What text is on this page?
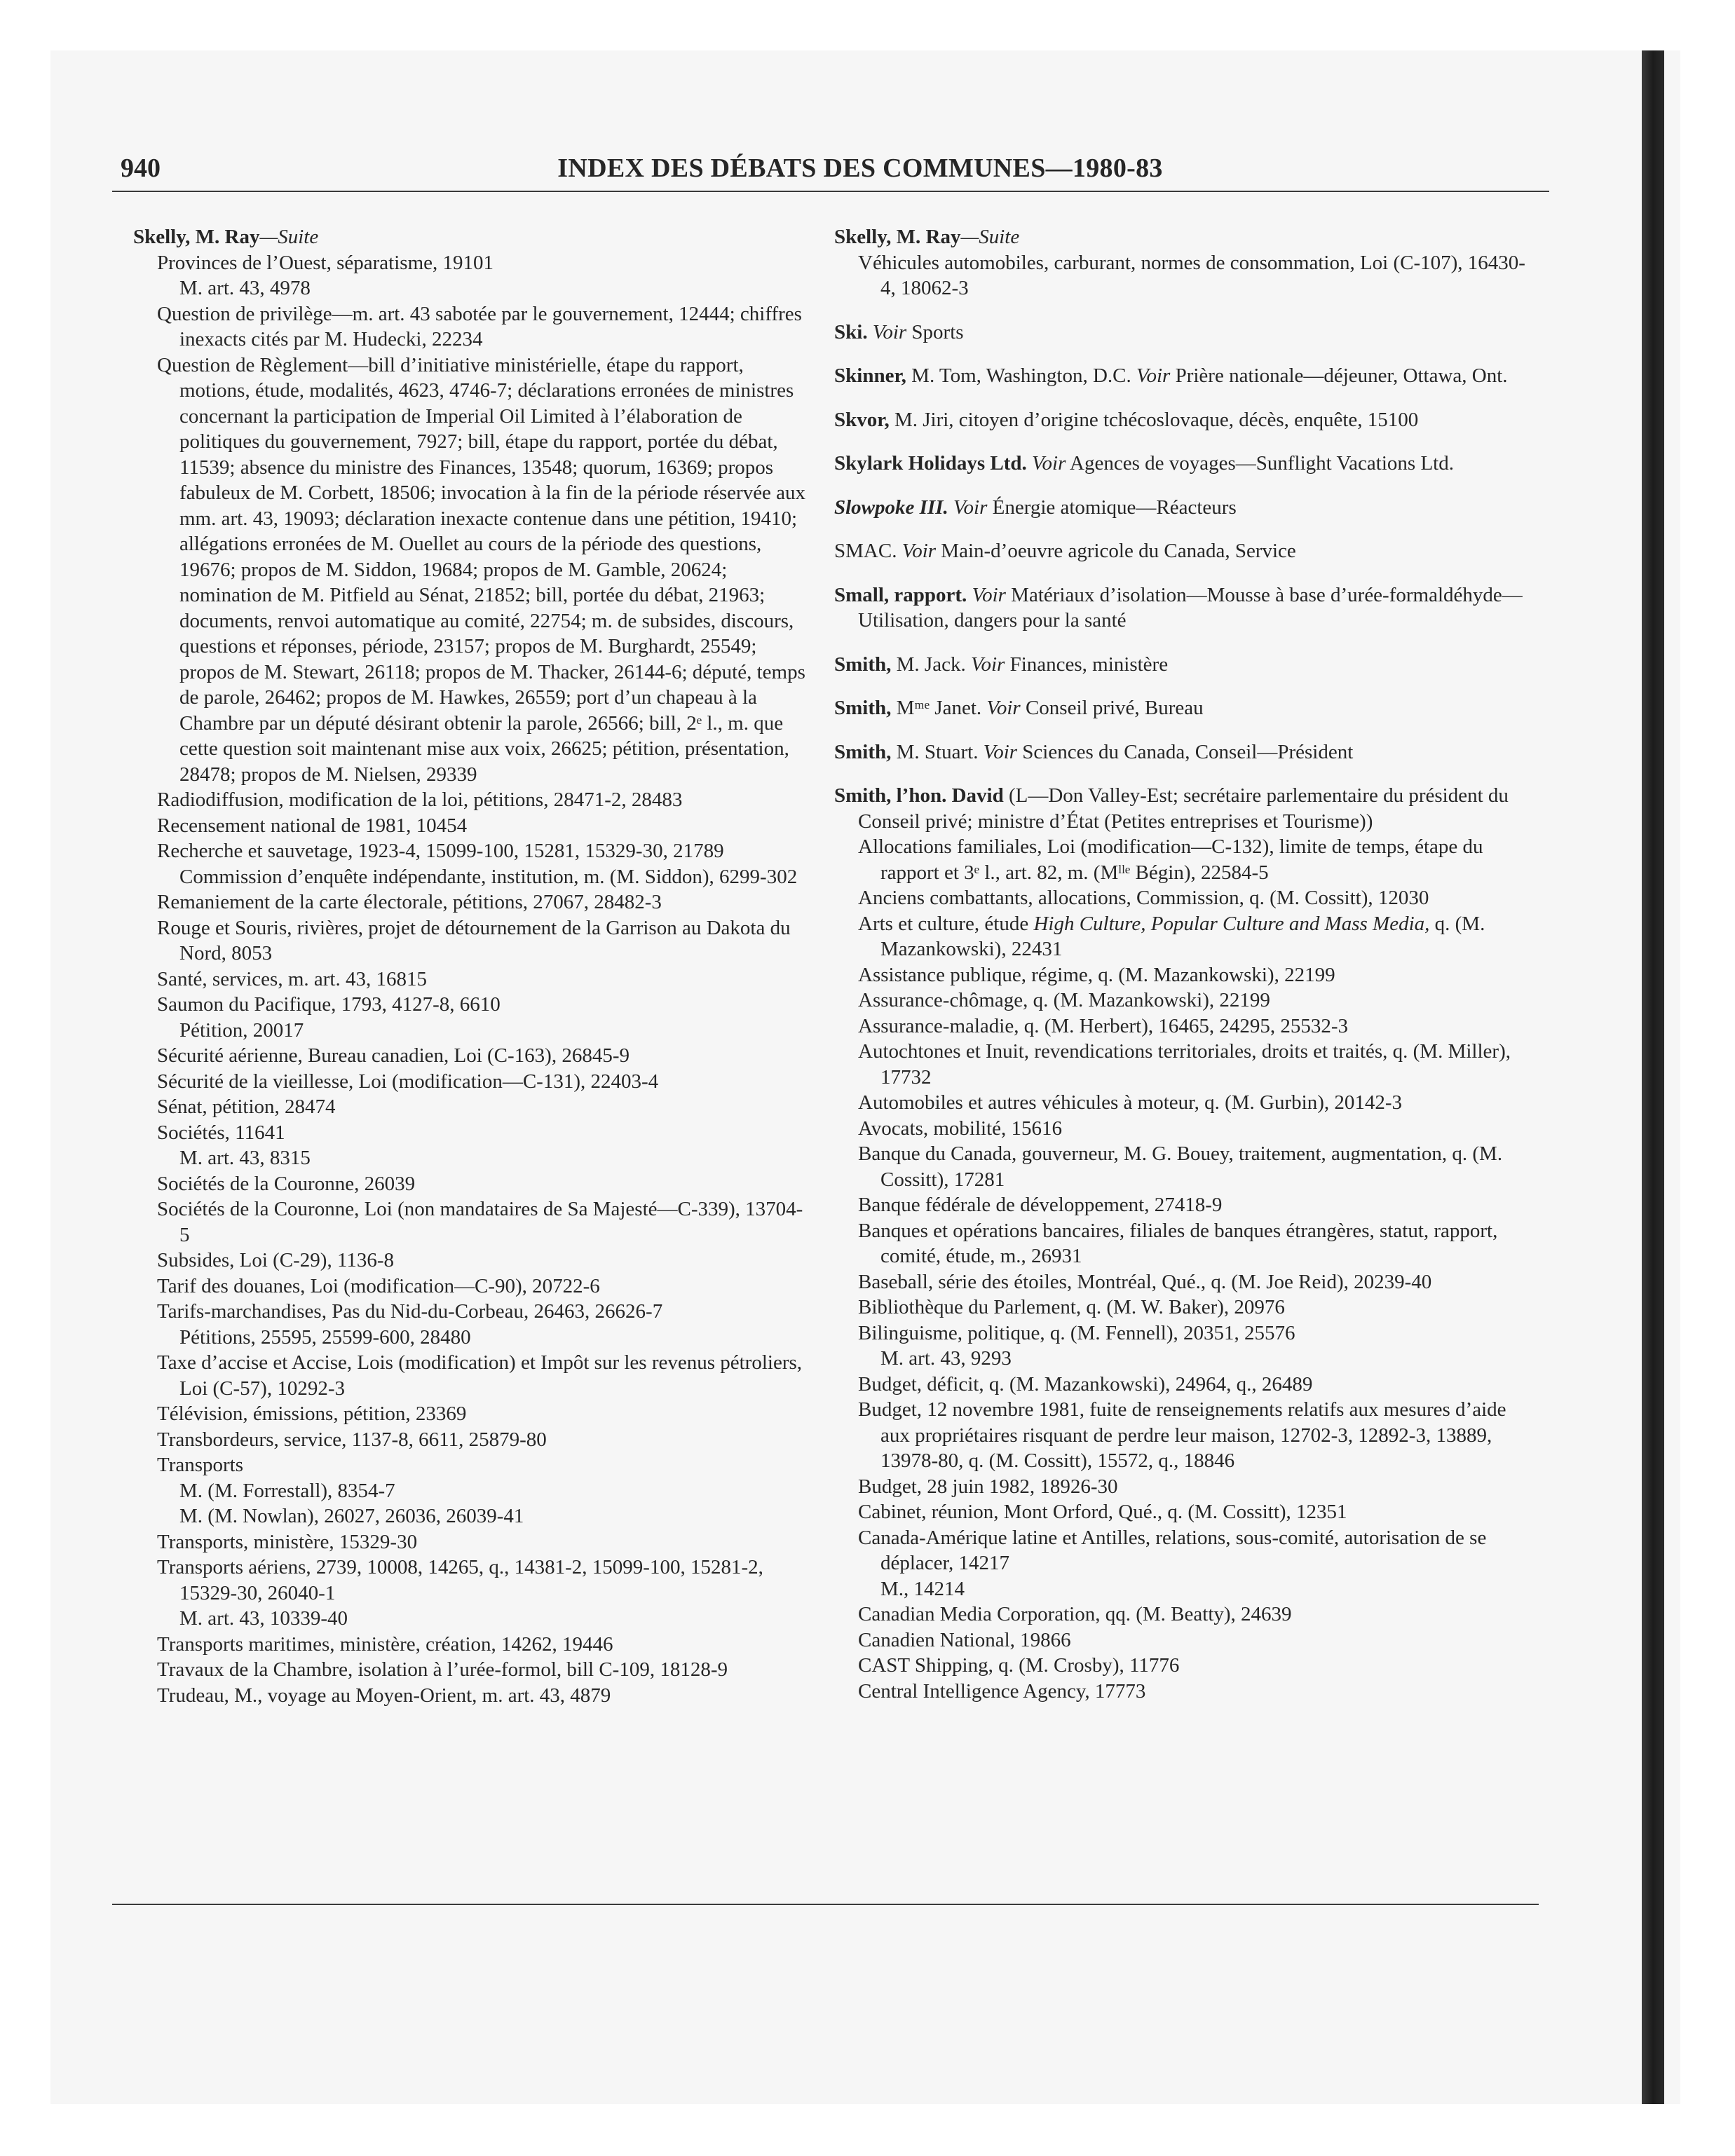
940	INDEX DES DÉBATS DES COMMUNES—1980-83

Skelly, M. Ray—Suite

Provinces de l’Ouest, séparatisme, 19101

M. art. 43, 4978

Question de privilège—m. art. 43 sabotée par le gouvernement, 12444; chiffres inexacts cités par M. Hudecki, 22234

Question de Règlement—bill d’initiative ministérielle, étape du rapport, motions, étude, modalités, 4623, 4746-7; déclarations erronées de ministres concernant la participation de Imperial Oil Limited à l’élaboration de politiques du gouvernement, 7927; bill, étape du rapport, portée du débat, 11539; absence du ministre des Finances, 13548; quorum, 16369; propos fabuleux de M. Corbett, 18506; invocation à la fin de la période réservée aux mm. art. 43, 19093; déclaration inexacte contenue dans une pétition, 19410; allégations erronées de M. Ouellet au cours de la période des questions, 19676; propos de M. Siddon, 19684; propos de M. Gamble, 20624; nomination de M. Pitfield au Sénat, 21852; bill, portée du débat, 21963; documents, renvoi automatique au comité, 22754; m. de subsides, discours, questions et réponses, période, 23157; propos de M. Burghardt, 25549; propos de M. Stewart, 26118; propos de M. Thacker, 26144-6; député, temps de parole, 26462; propos de M. Hawkes, 26559; port d’un chapeau à la Chambre par un député désirant obtenir la parole, 26566; bill, 2ᵉ l., m. que cette question soit maintenant mise aux voix, 26625; pétition, présentation, 28478; propos de M. Nielsen, 29339

Radiodiffusion, modification de la loi, pétitions, 28471-2, 28483

Recensement national de 1981, 10454

Recherche et sauvetage, 1923-4, 15099-100, 15281, 15329-30, 21789

Commission d’enquête indépendante, institution, m. (M. Siddon), 6299-302

Remaniement de la carte électorale, pétitions, 27067, 28482-3

Rouge et Souris, rivières, projet de détournement de la Garrison au Dakota du Nord, 8053

Santé, services, m. art. 43, 16815

Saumon du Pacifique, 1793, 4127-8, 6610

Pétition, 20017

Sécurité aérienne, Bureau canadien, Loi (C-163), 26845-9

Sécurité de la vieillesse, Loi (modification—C-131), 22403-4

Sénat, pétition, 28474

Sociétés, 11641

M. art. 43, 8315

Sociétés de la Couronne, 26039

Sociétés de la Couronne, Loi (non mandataires de Sa Majesté—C-339), 13704-5

Subsides, Loi (C-29), 1136-8

Tarif des douanes, Loi (modification—C-90), 20722-6

Tarifs-marchandises, Pas du Nid-du-Corbeau, 26463, 26626-7

Pétitions, 25595, 25599-600, 28480

Taxe d’accise et Accise, Lois (modification) et Impôt sur les revenus pétroliers, Loi (C-57), 10292-3

Télévision, émissions, pétition, 23369

Transbordeurs, service, 1137-8, 6611, 25879-80

Transports

M. (M. Forrestall), 8354-7

M. (M. Nowlan), 26027, 26036, 26039-41

Transports, ministère, 15329-30

Transports aériens, 2739, 10008, 14265, q., 14381-2, 15099-100, 15281-2, 15329-30, 26040-1

M. art. 43, 10339-40

Transports maritimes, ministère, création, 14262, 19446

Travaux de la Chambre, isolation à l’urée-formol, bill C-109, 18128-9

Trudeau, M., voyage au Moyen-Orient, m. art. 43, 4879

Skelly, M. Ray—Suite

Véhicules automobiles, carburant, normes de consommation, Loi (C-107), 16430-4, 18062-3

Ski. Voir Sports

Skinner, M. Tom, Washington, D.C. Voir Prière nationale—déjeuner, Ottawa, Ont.

Skvor, M. Jiri, citoyen d’origine tchécoslovaque, décès, enquête, 15100

Skylark Holidays Ltd. Voir Agences de voyages—Sunflight Vacations Ltd.

Slowpoke III. Voir Énergie atomique—Réacteurs

SMAC. Voir Main-d’oeuvre agricole du Canada, Service

Small, rapport. Voir Matériaux d’isolation—Mousse à base d’urée-formaldéhyde—Utilisation, dangers pour la santé

Smith, M. Jack. Voir Finances, ministère

Smith, Mᵐᵉ Janet. Voir Conseil privé, Bureau

Smith, M. Stuart. Voir Sciences du Canada, Conseil—Président

Smith, l’hon. David (L—Don Valley-Est; secrétaire parlementaire du président du Conseil privé; ministre d’État (Petites entreprises et Tourisme))

Allocations familiales, Loi (modification—C-132), limite de temps, étape du rapport et 3ᵉ l., art. 82, m. (Mˡˡᵉ Bégin), 22584-5

Anciens combattants, allocations, Commission, q. (M. Cossitt), 12030

Arts et culture, étude High Culture, Popular Culture and Mass Media, q. (M. Mazankowski), 22431

Assistance publique, régime, q. (M. Mazankowski), 22199

Assurance-chômage, q. (M. Mazankowski), 22199

Assurance-maladie, q. (M. Herbert), 16465, 24295, 25532-3

Autochtones et Inuit, revendications territoriales, droits et traités, q. (M. Miller), 17732

Automobiles et autres véhicules à moteur, q. (M. Gurbin), 20142-3

Avocats, mobilité, 15616

Banque du Canada, gouverneur, M. G. Bouey, traitement, augmentation, q. (M. Cossitt), 17281

Banque fédérale de développement, 27418-9

Banques et opérations bancaires, filiales de banques étrangères, statut, rapport, comité, étude, m., 26931

Baseball, série des étoiles, Montréal, Qué., q. (M. Joe Reid), 20239-40

Bibliothèque du Parlement, q. (M. W. Baker), 20976

Bilinguisme, politique, q. (M. Fennell), 20351, 25576

M. art. 43, 9293

Budget, déficit, q. (M. Mazankowski), 24964, q., 26489

Budget, 12 novembre 1981, fuite de renseignements relatifs aux mesures d’aide aux propriétaires risquant de perdre leur maison, 12702-3, 12892-3, 13889, 13978-80, q. (M. Cossitt), 15572, q., 18846

Budget, 28 juin 1982, 18926-30

Cabinet, réunion, Mont Orford, Qué., q. (M. Cossitt), 12351

Canada-Amérique latine et Antilles, relations, sous-comité, autorisation de se déplacer, 14217

M., 14214

Canadian Media Corporation, qq. (M. Beatty), 24639

Canadien National, 19866

CAST Shipping, q. (M. Crosby), 11776

Central Intelligence Agency, 17773
